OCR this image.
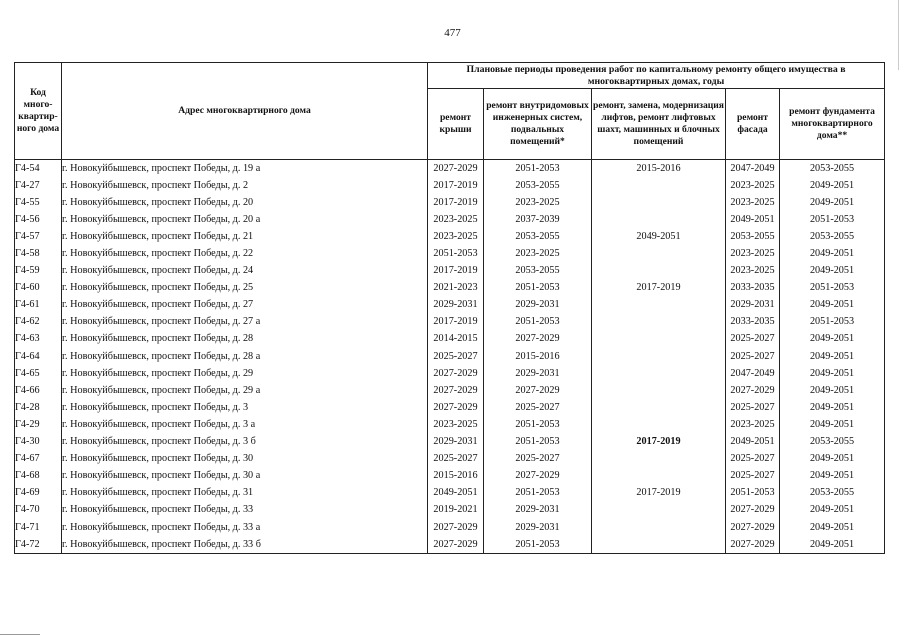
477
Код много-квартир-ного дома	Адрес многоквартирного дома	Плановые периоды проведения работ по капитальному ремонту общего имущества в многоквартирных домах, годы				
		ремонт крыши	ремонт внутридомовых инженерных систем, подвальных помещений*	ремонт, замена, модернизация лифтов, ремонт лифтовых шахт, машинных и блочных помещений	ремонт фасада	ремонт фундамента многоквартирного дома**
Г4-54	г. Новокуйбышевск, проспект Победы, д. 19 а	2027-2029	2051-2053	2015-2016	2047-2049	2053-2055
Г4-27	г. Новокуйбышевск, проспект Победы, д. 2	2017-2019	2053-2055		2023-2025	2049-2051
Г4-55	г. Новокуйбышевск, проспект Победы, д. 20	2017-2019	2023-2025		2023-2025	2049-2051
Г4-56	г. Новокуйбышевск, проспект Победы, д. 20 а	2023-2025	2037-2039		2049-2051	2051-2053
Г4-57	г. Новокуйбышевск, проспект Победы, д. 21	2023-2025	2053-2055	2049-2051	2053-2055	2053-2055
Г4-58	г. Новокуйбышевск, проспект Победы, д. 22	2051-2053	2023-2025		2023-2025	2049-2051
Г4-59	г. Новокуйбышевск, проспект Победы, д. 24	2017-2019	2053-2055		2023-2025	2049-2051
Г4-60	г. Новокуйбышевск, проспект Победы, д. 25	2021-2023	2051-2053	2017-2019	2033-2035	2051-2053
Г4-61	г. Новокуйбышевск, проспект Победы, д. 27	2029-2031	2029-2031		2029-2031	2049-2051
Г4-62	г. Новокуйбышевск, проспект Победы, д. 27 а	2017-2019	2051-2053		2033-2035	2051-2053
Г4-63	г. Новокуйбышевск, проспект Победы, д. 28	2014-2015	2027-2029		2025-2027	2049-2051
Г4-64	г. Новокуйбышевск, проспект Победы, д. 28 а	2025-2027	2015-2016		2025-2027	2049-2051
Г4-65	г. Новокуйбышевск, проспект Победы, д. 29	2027-2029	2029-2031		2047-2049	2049-2051
Г4-66	г. Новокуйбышевск, проспект Победы, д. 29 а	2027-2029	2027-2029		2027-2029	2049-2051
Г4-28	г. Новокуйбышевск, проспект Победы, д. 3	2027-2029	2025-2027		2025-2027	2049-2051
Г4-29	г. Новокуйбышевск, проспект Победы, д. 3 а	2023-2025	2051-2053		2023-2025	2049-2051
Г4-30	г. Новокуйбышевск, проспект Победы, д. 3 б	2029-2031	2051-2053	2017-2019	2049-2051	2053-2055
Г4-67	г. Новокуйбышевск, проспект Победы, д. 30	2025-2027	2025-2027		2025-2027	2049-2051
Г4-68	г. Новокуйбышевск, проспект Победы, д. 30 а	2015-2016	2027-2029		2025-2027	2049-2051
Г4-69	г. Новокуйбышевск, проспект Победы, д. 31	2049-2051	2051-2053	2017-2019	2051-2053	2053-2055
Г4-70	г. Новокуйбышевск, проспект Победы, д. 33	2019-2021	2029-2031		2027-2029	2049-2051
Г4-71	г. Новокуйбышевск, проспект Победы, д. 33 а	2027-2029	2029-2031		2027-2029	2049-2051
Г4-72	г. Новокуйбышевск, проспект Победы, д. 33 б	2027-2029	2051-2053		2027-2029	2049-2051
